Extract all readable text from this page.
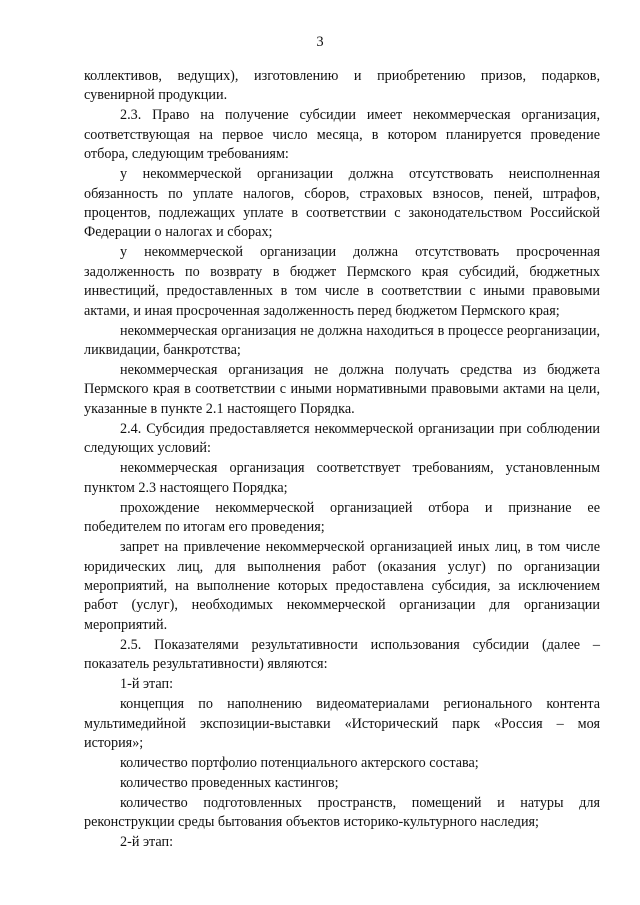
3

коллективов, ведущих), изготовлению и приобретению призов, подарков, сувенирной продукции.

2.3. Право на получение субсидии имеет некоммерческая организация, соответствующая на первое число месяца, в котором планируется проведение отбора, следующим требованиям:

у некоммерческой организации должна отсутствовать неисполненная обязанность по уплате налогов, сборов, страховых взносов, пеней, штрафов, процентов, подлежащих уплате в соответствии с законодательством Российской Федерации о налогах и сборах;

у некоммерческой организации должна отсутствовать просроченная задолженность по возврату в бюджет Пермского края субсидий, бюджетных инвестиций, предоставленных в том числе в соответствии с иными правовыми актами, и иная просроченная задолженность перед бюджетом Пермского края;

некоммерческая организация не должна находиться в процессе реорганизации, ликвидации, банкротства;

некоммерческая организация не должна получать средства из бюджета Пермского края в соответствии с иными нормативными правовыми актами на цели, указанные в пункте 2.1 настоящего Порядка.

2.4. Субсидия предоставляется некоммерческой организации при соблюдении следующих условий:

некоммерческая организация соответствует требованиям, установленным пунктом 2.3 настоящего Порядка;

прохождение некоммерческой организацией отбора и признание ее победителем по итогам его проведения;

запрет на привлечение некоммерческой организацией иных лиц, в том числе юридических лиц, для выполнения работ (оказания услуг) по организации мероприятий, на выполнение которых предоставлена субсидия, за исключением работ (услуг), необходимых некоммерческой организации для организации мероприятий.

2.5. Показателями результативности использования субсидии (далее – показатель результативности) являются:

1-й этап:

концепция по наполнению видеоматериалами регионального контента мультимедийной экспозиции-выставки «Исторический парк «Россия – моя история»;

количество портфолио потенциального актерского состава;

количество проведенных кастингов;

количество подготовленных пространств, помещений и натуры для реконструкции среды бытования объектов историко-культурного наследия;

2-й этап:
